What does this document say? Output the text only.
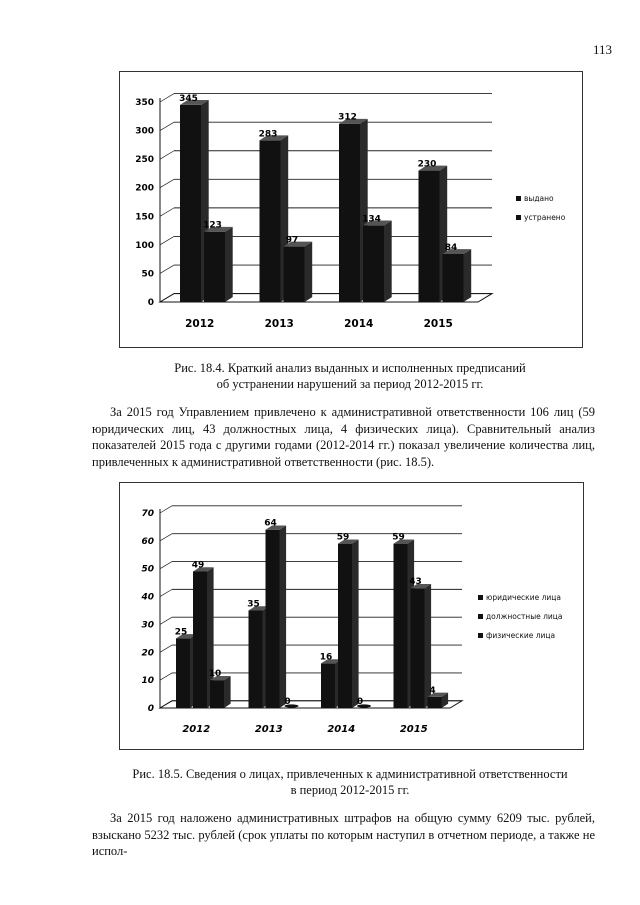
113
0
50
100
150
200
250
300
350	345
123
2012
283
97
2013
312
134
2014
230
84
2015
выдано
устранено
Рис. 18.4. Краткий анализ выданных и исполненных предписаний
об устранении нарушений за период 2012-2015 гг.

За 2015 год Управлением привлечено к административной ответственности 106 лиц (59 юридических лиц, 43 должностных лица, 4 физических лица). Сравнительный анализ показателей 2015 года с другими годами (2012-2014 гг.) показал увеличение количества лиц, привлеченных к административной ответственности (рис. 18.5).

0
10
20
30
40
50
60
70
25
49
10
2012
35
64
0
2013
16
59
0
2014
59
43
4
2015
юридические лица
должностные лица
физические лица
Рис. 18.5. Сведения о лицах, привлеченных к административной ответственности
в период 2012-2015 гг.

За 2015 год наложено административных штрафов на общую сумму 6209 тыс. рублей, взыскано 5232 тыс. рублей (срок уплаты по которым наступил в отчетном периоде, а также не испол-
